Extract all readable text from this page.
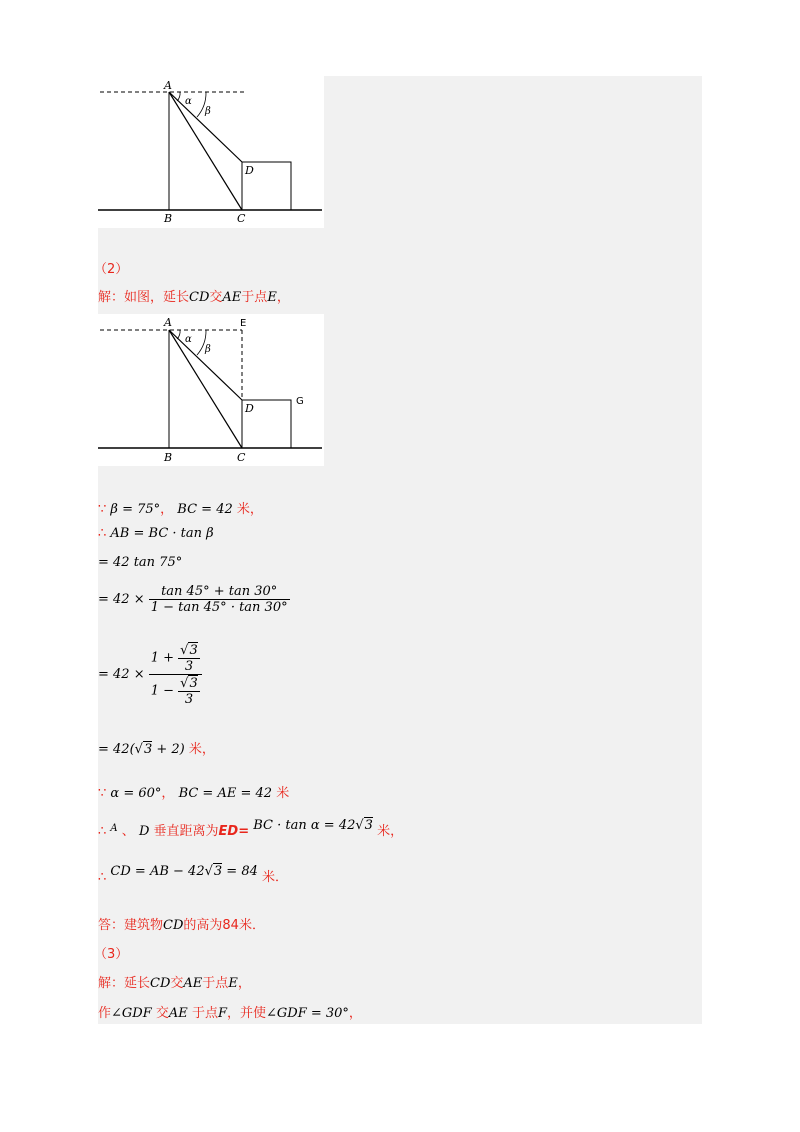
A
α
β
D
B	C
（2）
解：如图，延长CD交AE于点E，
A	E
α
β
D
G
B	C
∵ β = 75°， BC = 42 米，
∴ AB = BC · tan β
= 42 tan 75°
= $42 \times \frac{\tan 45^\circ + \tan 30^\circ}{1 - \tan 45^\circ \cdot \tan 30^\circ}$
= $42 \times \frac{1 + \frac{√3}{3}}{1 - \frac{√3}{3}}$
= 42(√3 + 2) 米，
∵ α = 60°， BC = AE = 42 米
∴ $^A$ 、 D 垂直距离为ED= BC · tan α = 42√3 米，
∴ CD = AB − 42√3 = 84 米．
答：建筑物CD的高为84米．
（3）
解：延长CD交AE于点E，
作∠GDF 交AE 于点F，并使∠GDF = 30°，
